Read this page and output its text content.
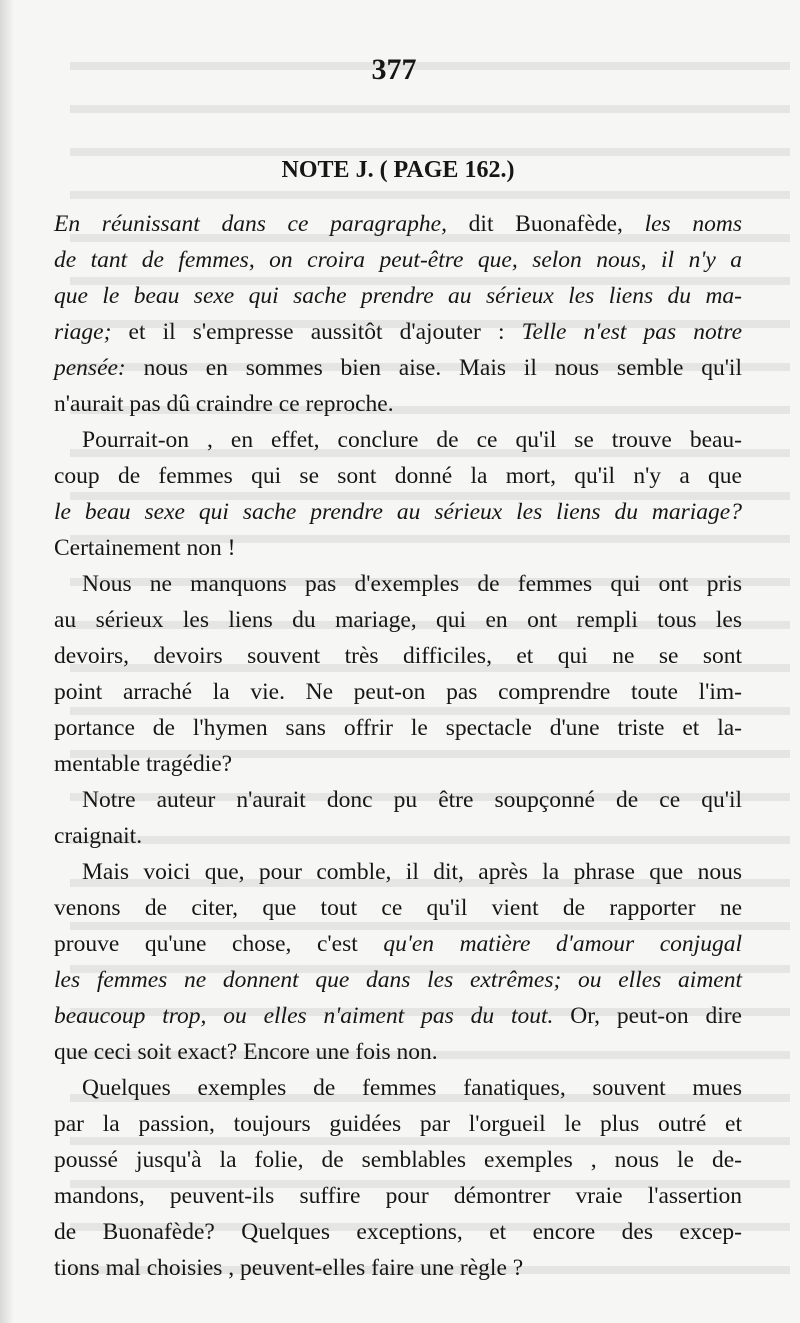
377
NOTE J. ( PAGE 162.)
En réunissant dans ce paragraphe, dit Buonafède, les noms
de tant de femmes, on croira peut-être que, selon nous, il n'y a
que le beau sexe qui sache prendre au sérieux les liens du ma-
riage; et il s'empresse aussitôt d'ajouter : Telle n'est pas notre
pensée: nous en sommes bien aise. Mais il nous semble qu'il
n'aurait pas dû craindre ce reproche.
Pourrait-on , en effet, conclure de ce qu'il se trouve beau-
coup de femmes qui se sont donné la mort, qu'il n'y a que
le beau sexe qui sache prendre au sérieux les liens du mariage?
Certainement non !
Nous ne manquons pas d'exemples de femmes qui ont pris
au sérieux les liens du mariage, qui en ont rempli tous les
devoirs, devoirs souvent très difficiles, et qui ne se sont
point arraché la vie. Ne peut-on pas comprendre toute l'im-
portance de l'hymen sans offrir le spectacle d'une triste et la-
mentable tragédie?
Notre auteur n'aurait donc pu être soupçonné de ce qu'il
craignait.
Mais voici que, pour comble, il dit, après la phrase que nous
venons de citer, que tout ce qu'il vient de rapporter ne
prouve qu'une chose, c'est qu'en matière d'amour conjugal
les femmes ne donnent que dans les extrêmes; ou elles aiment
beaucoup trop, ou elles n'aiment pas du tout. Or, peut-on dire
que ceci soit exact? Encore une fois non.
Quelques exemples de femmes fanatiques, souvent mues
par la passion, toujours guidées par l'orgueil le plus outré et
poussé jusqu'à la folie, de semblables exemples , nous le de-
mandons, peuvent-ils suffire pour démontrer vraie l'assertion
de Buonafède? Quelques exceptions, et encore des excep-
tions mal choisies , peuvent-elles faire une règle ?
